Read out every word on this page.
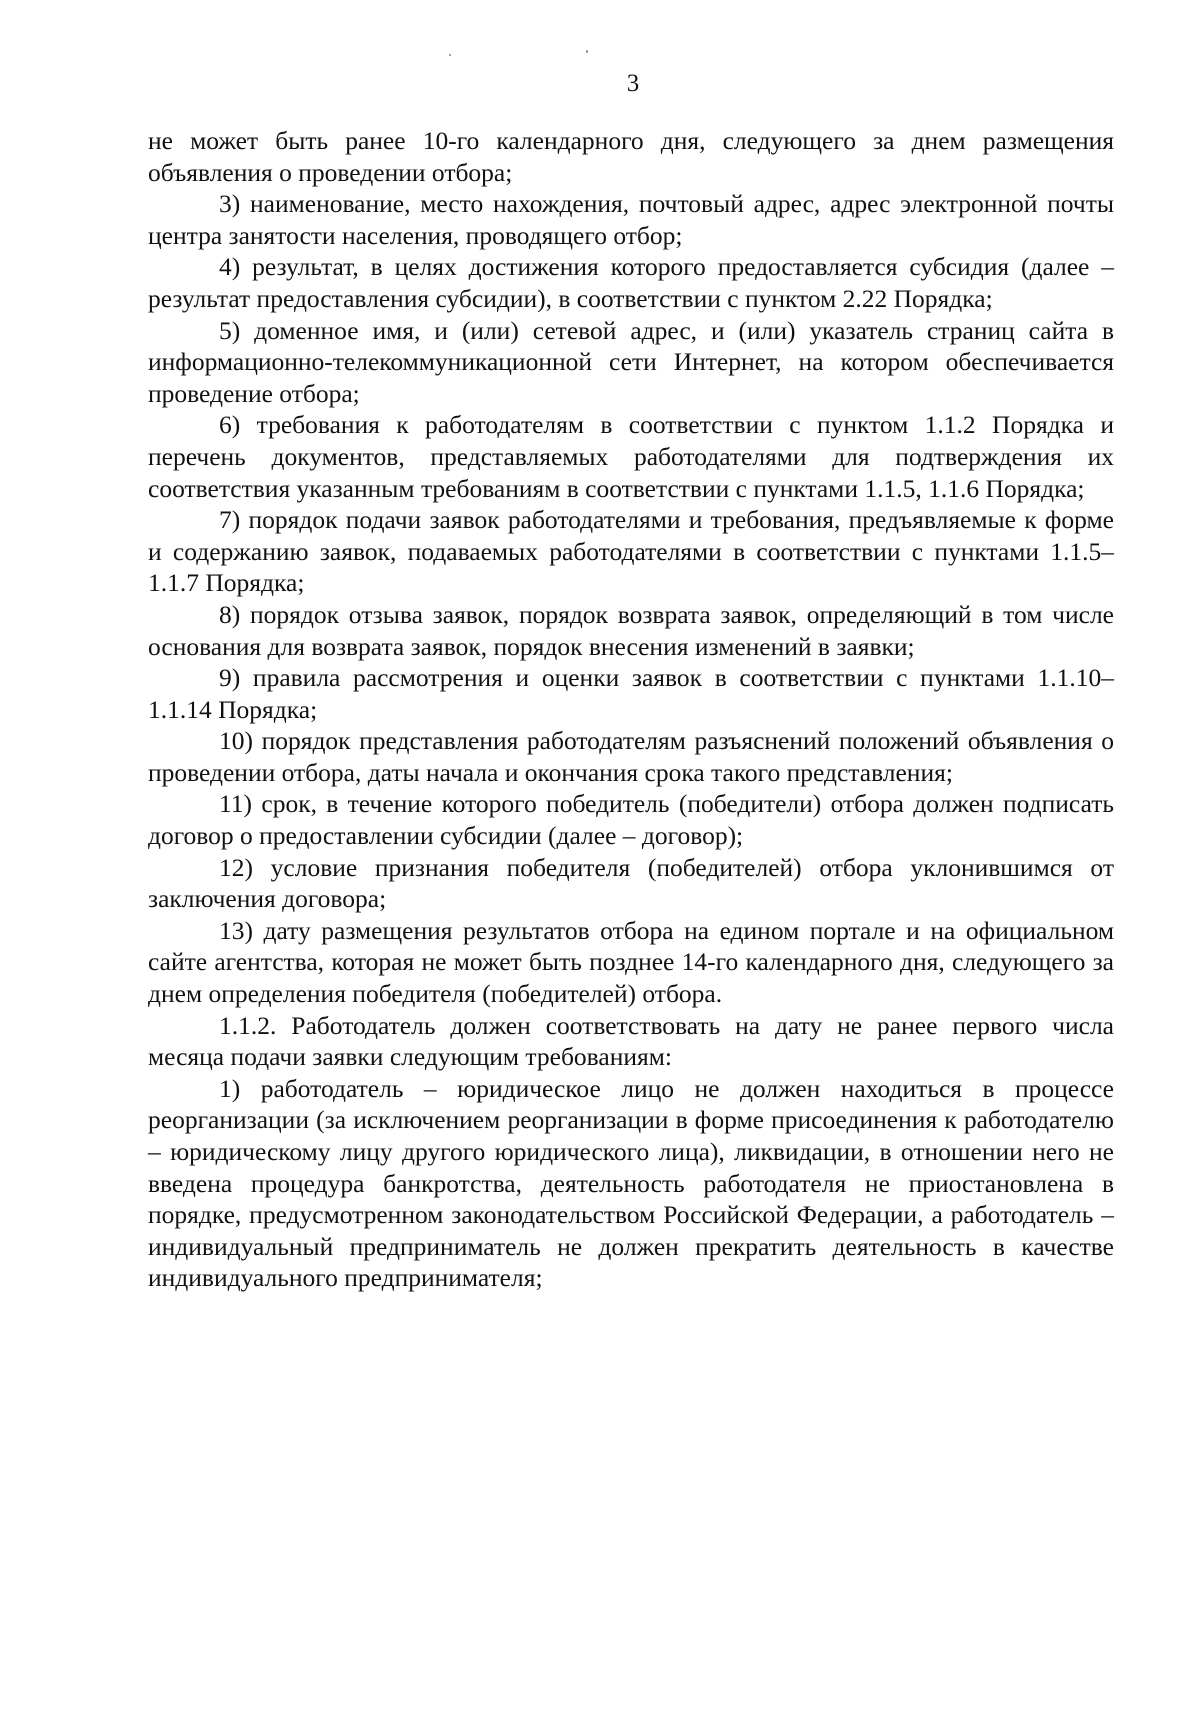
3

не может быть ранее 10-го календарного дня, следующего за днем размещения объявления о проведении отбора;

3) наименование, место нахождения, почтовый адрес, адрес электронной почты центра занятости населения, проводящего отбор;

4) результат, в целях достижения которого предоставляется субсидия (далее – результат предоставления субсидии), в соответствии с пунктом 2.22 Порядка;

5) доменное имя, и (или) сетевой адрес, и (или) указатель страниц сайта в информационно-телекоммуникационной сети Интернет, на котором обеспечивается проведение отбора;

6) требования к работодателям в соответствии с пунктом 1.1.2 Порядка и перечень документов, представляемых работодателями для подтверждения их соответствия указанным требованиям в соответствии с пунктами 1.1.5, 1.1.6 Порядка;

7) порядок подачи заявок работодателями и требования, предъявляемые к форме и содержанию заявок, подаваемых работодателями в соответствии с пунктами 1.1.5–1.1.7 Порядка;

8) порядок отзыва заявок, порядок возврата заявок, определяющий в том числе основания для возврата заявок, порядок внесения изменений в заявки;

9) правила рассмотрения и оценки заявок в соответствии с пунктами 1.1.10–1.1.14 Порядка;

10) порядок представления работодателям разъяснений положений объявления о проведении отбора, даты начала и окончания срока такого представления;

11) срок, в течение которого победитель (победители) отбора должен подписать договор о предоставлении субсидии (далее – договор);

12) условие признания победителя (победителей) отбора уклонившимся от заключения договора;

13) дату размещения результатов отбора на едином портале и на официальном сайте агентства, которая не может быть позднее 14-го календарного дня, следующего за днем определения победителя (победителей) отбора.

1.1.2. Работодатель должен соответствовать на дату не ранее первого числа месяца подачи заявки следующим требованиям:

1) работодатель – юридическое лицо не должен находиться в процессе реорганизации (за исключением реорганизации в форме присоединения к работодателю – юридическому лицу другого юридического лица), ликвидации, в отношении него не введена процедура банкротства, деятельность работодателя не приостановлена в порядке, предусмотренном законодательством Российской Федерации, а работодатель – индивидуальный предприниматель не должен прекратить деятельность в качестве индивидуального предпринимателя;
